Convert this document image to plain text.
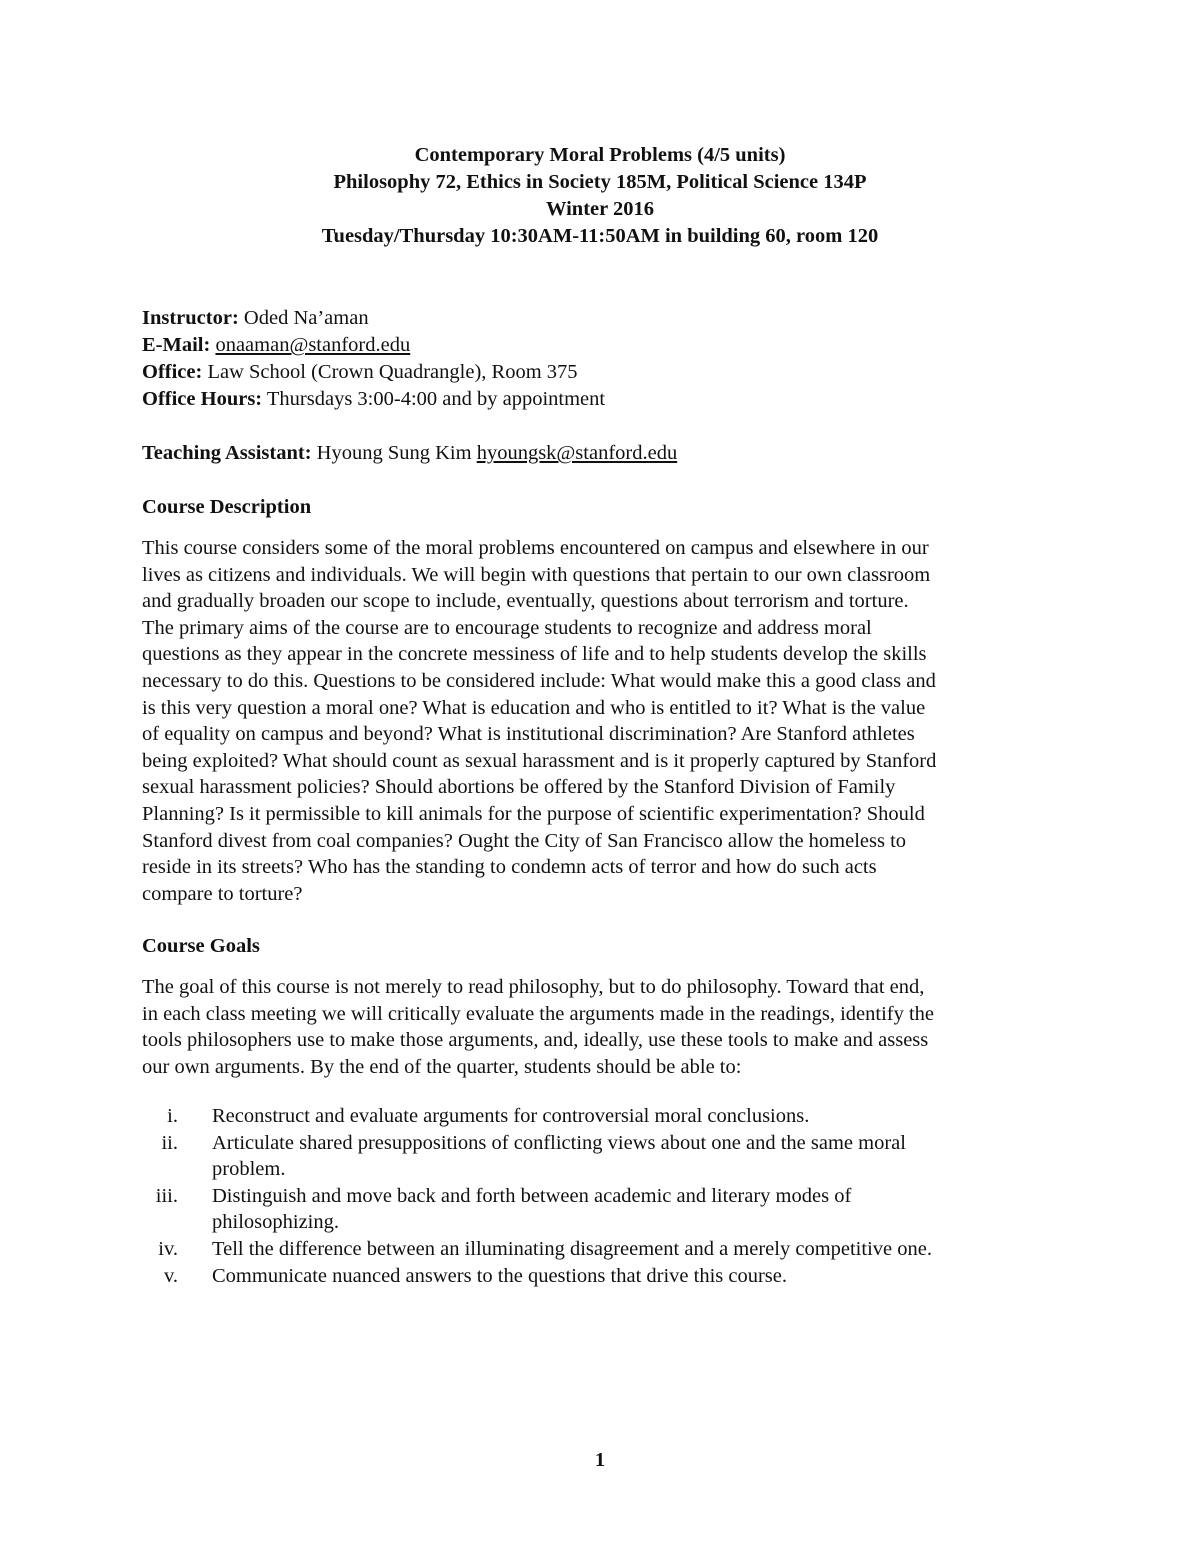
Contemporary Moral Problems (4/5 units)
Philosophy 72, Ethics in Society 185M, Political Science 134P
Winter 2016
Tuesday/Thursday 10:30AM-11:50AM in building 60, room 120
Instructor: Oded Na’aman
E-Mail: onaaman@stanford.edu
Office: Law School (Crown Quadrangle), Room 375
Office Hours: Thursdays 3:00-4:00 and by appointment
Teaching Assistant: Hyoung Sung Kim hyoungsk@stanford.edu
Course Description
This course considers some of the moral problems encountered on campus and elsewhere in our
lives as citizens and individuals. We will begin with questions that pertain to our own classroom
and gradually broaden our scope to include, eventually, questions about terrorism and torture.
The primary aims of the course are to encourage students to recognize and address moral
questions as they appear in the concrete messiness of life and to help students develop the skills
necessary to do this. Questions to be considered include: What would make this a good class and
is this very question a moral one? What is education and who is entitled to it? What is the value
of equality on campus and beyond? What is institutional discrimination? Are Stanford athletes
being exploited? What should count as sexual harassment and is it properly captured by Stanford
sexual harassment policies? Should abortions be offered by the Stanford Division of Family
Planning? Is it permissible to kill animals for the purpose of scientific experimentation? Should
Stanford divest from coal companies? Ought the City of San Francisco allow the homeless to
reside in its streets? Who has the standing to condemn acts of terror and how do such acts
compare to torture?
Course Goals
The goal of this course is not merely to read philosophy, but to do philosophy. Toward that end,
in each class meeting we will critically evaluate the arguments made in the readings, identify the
tools philosophers use to make those arguments, and, ideally, use these tools to make and assess
our own arguments. By the end of the quarter, students should be able to:
i. Reconstruct and evaluate arguments for controversial moral conclusions.
ii. Articulate shared presuppositions of conflicting views about one and the same moral
problem.
iii. Distinguish and move back and forth between academic and literary modes of
philosophizing.
iv. Tell the difference between an illuminating disagreement and a merely competitive one.
v. Communicate nuanced answers to the questions that drive this course.
1
